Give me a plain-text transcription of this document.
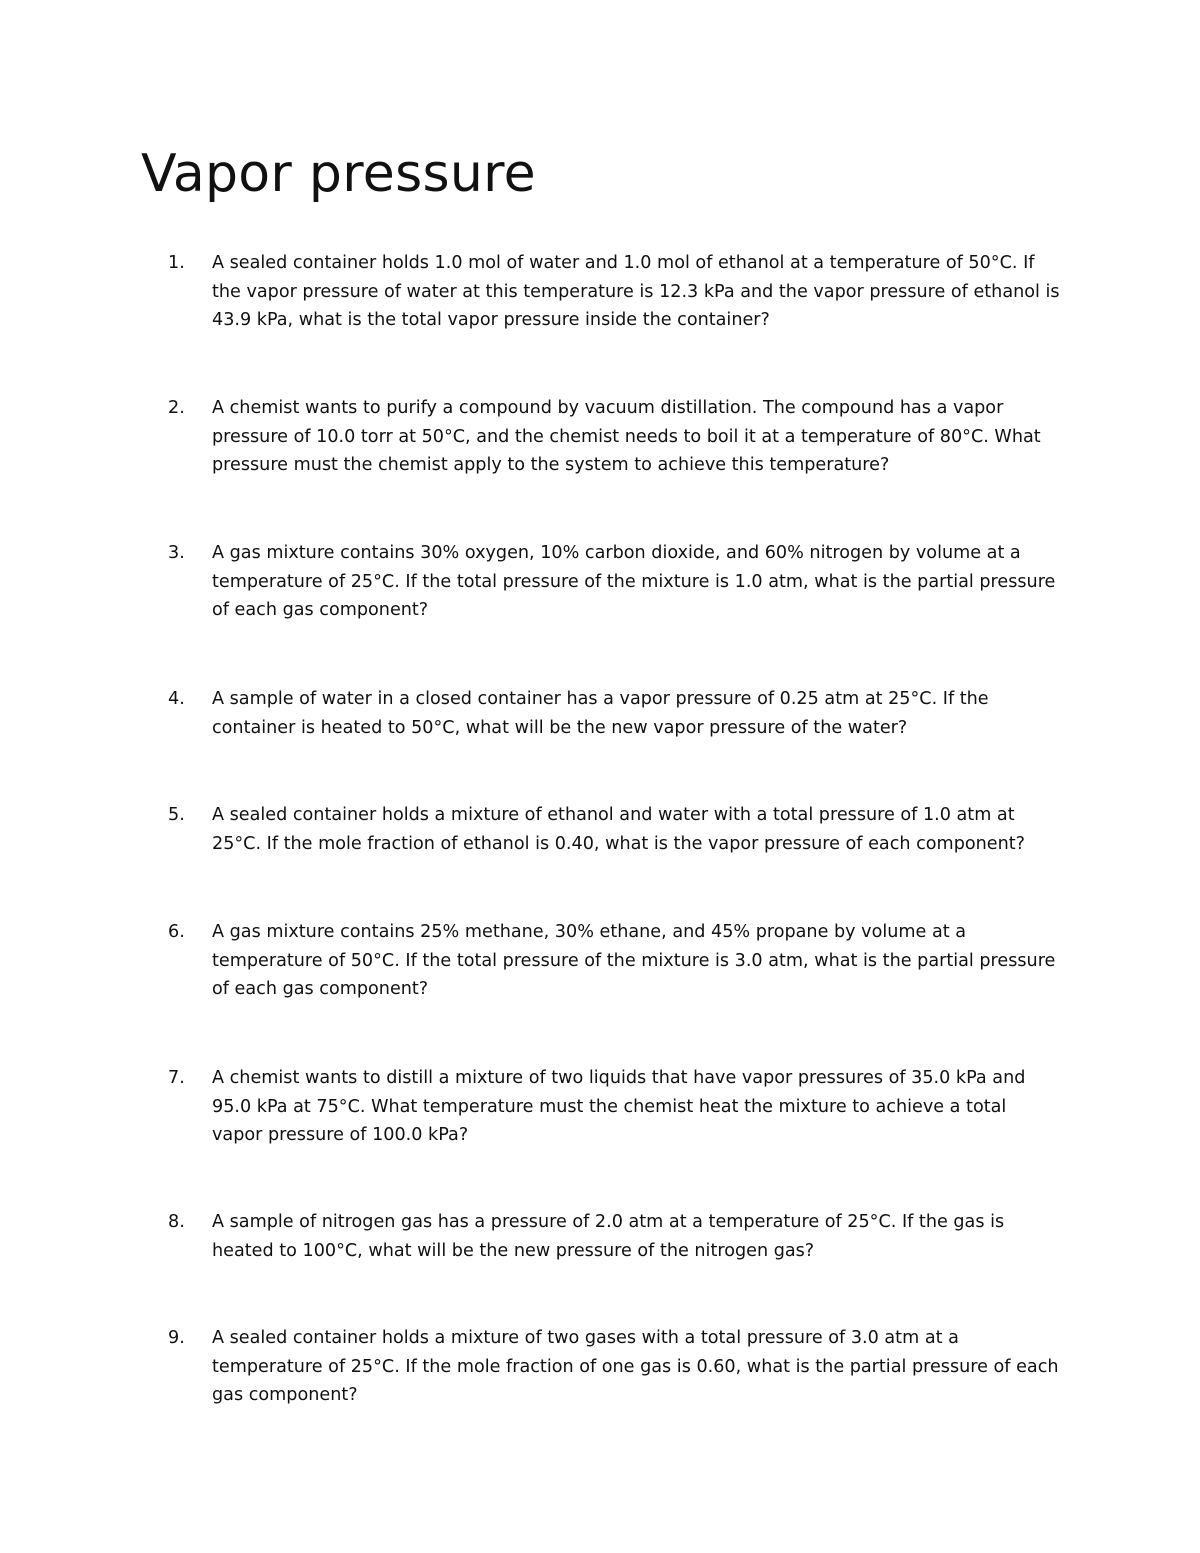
Vapor pressure
1.	A sealed container holds 1.0 mol of water and 1.0 mol of ethanol at a temperature of 50°C. If the vapor pressure of water at this temperature is 12.3 kPa and the vapor pressure of ethanol is 43.9 kPa, what is the total vapor pressure inside the container?
2.	A chemist wants to purify a compound by vacuum distillation. The compound has a vapor pressure of 10.0 torr at 50°C, and the chemist needs to boil it at a temperature of 80°C. What pressure must the chemist apply to the system to achieve this temperature?
3.	A gas mixture contains 30% oxygen, 10% carbon dioxide, and 60% nitrogen by volume at a temperature of 25°C. If the total pressure of the mixture is 1.0 atm, what is the partial pressure of each gas component?
4.	A sample of water in a closed container has a vapor pressure of 0.25 atm at 25°C. If the container is heated to 50°C, what will be the new vapor pressure of the water?
5.	A sealed container holds a mixture of ethanol and water with a total pressure of 1.0 atm at 25°C. If the mole fraction of ethanol is 0.40, what is the vapor pressure of each component?
6.	A gas mixture contains 25% methane, 30% ethane, and 45% propane by volume at a temperature of 50°C. If the total pressure of the mixture is 3.0 atm, what is the partial pressure of each gas component?
7.	A chemist wants to distill a mixture of two liquids that have vapor pressures of 35.0 kPa and 95.0 kPa at 75°C. What temperature must the chemist heat the mixture to achieve a total vapor pressure of 100.0 kPa?
8.	A sample of nitrogen gas has a pressure of 2.0 atm at a temperature of 25°C. If the gas is heated to 100°C, what will be the new pressure of the nitrogen gas?
9.	A sealed container holds a mixture of two gases with a total pressure of 3.0 atm at a temperature of 25°C. If the mole fraction of one gas is 0.60, what is the partial pressure of each gas component?
